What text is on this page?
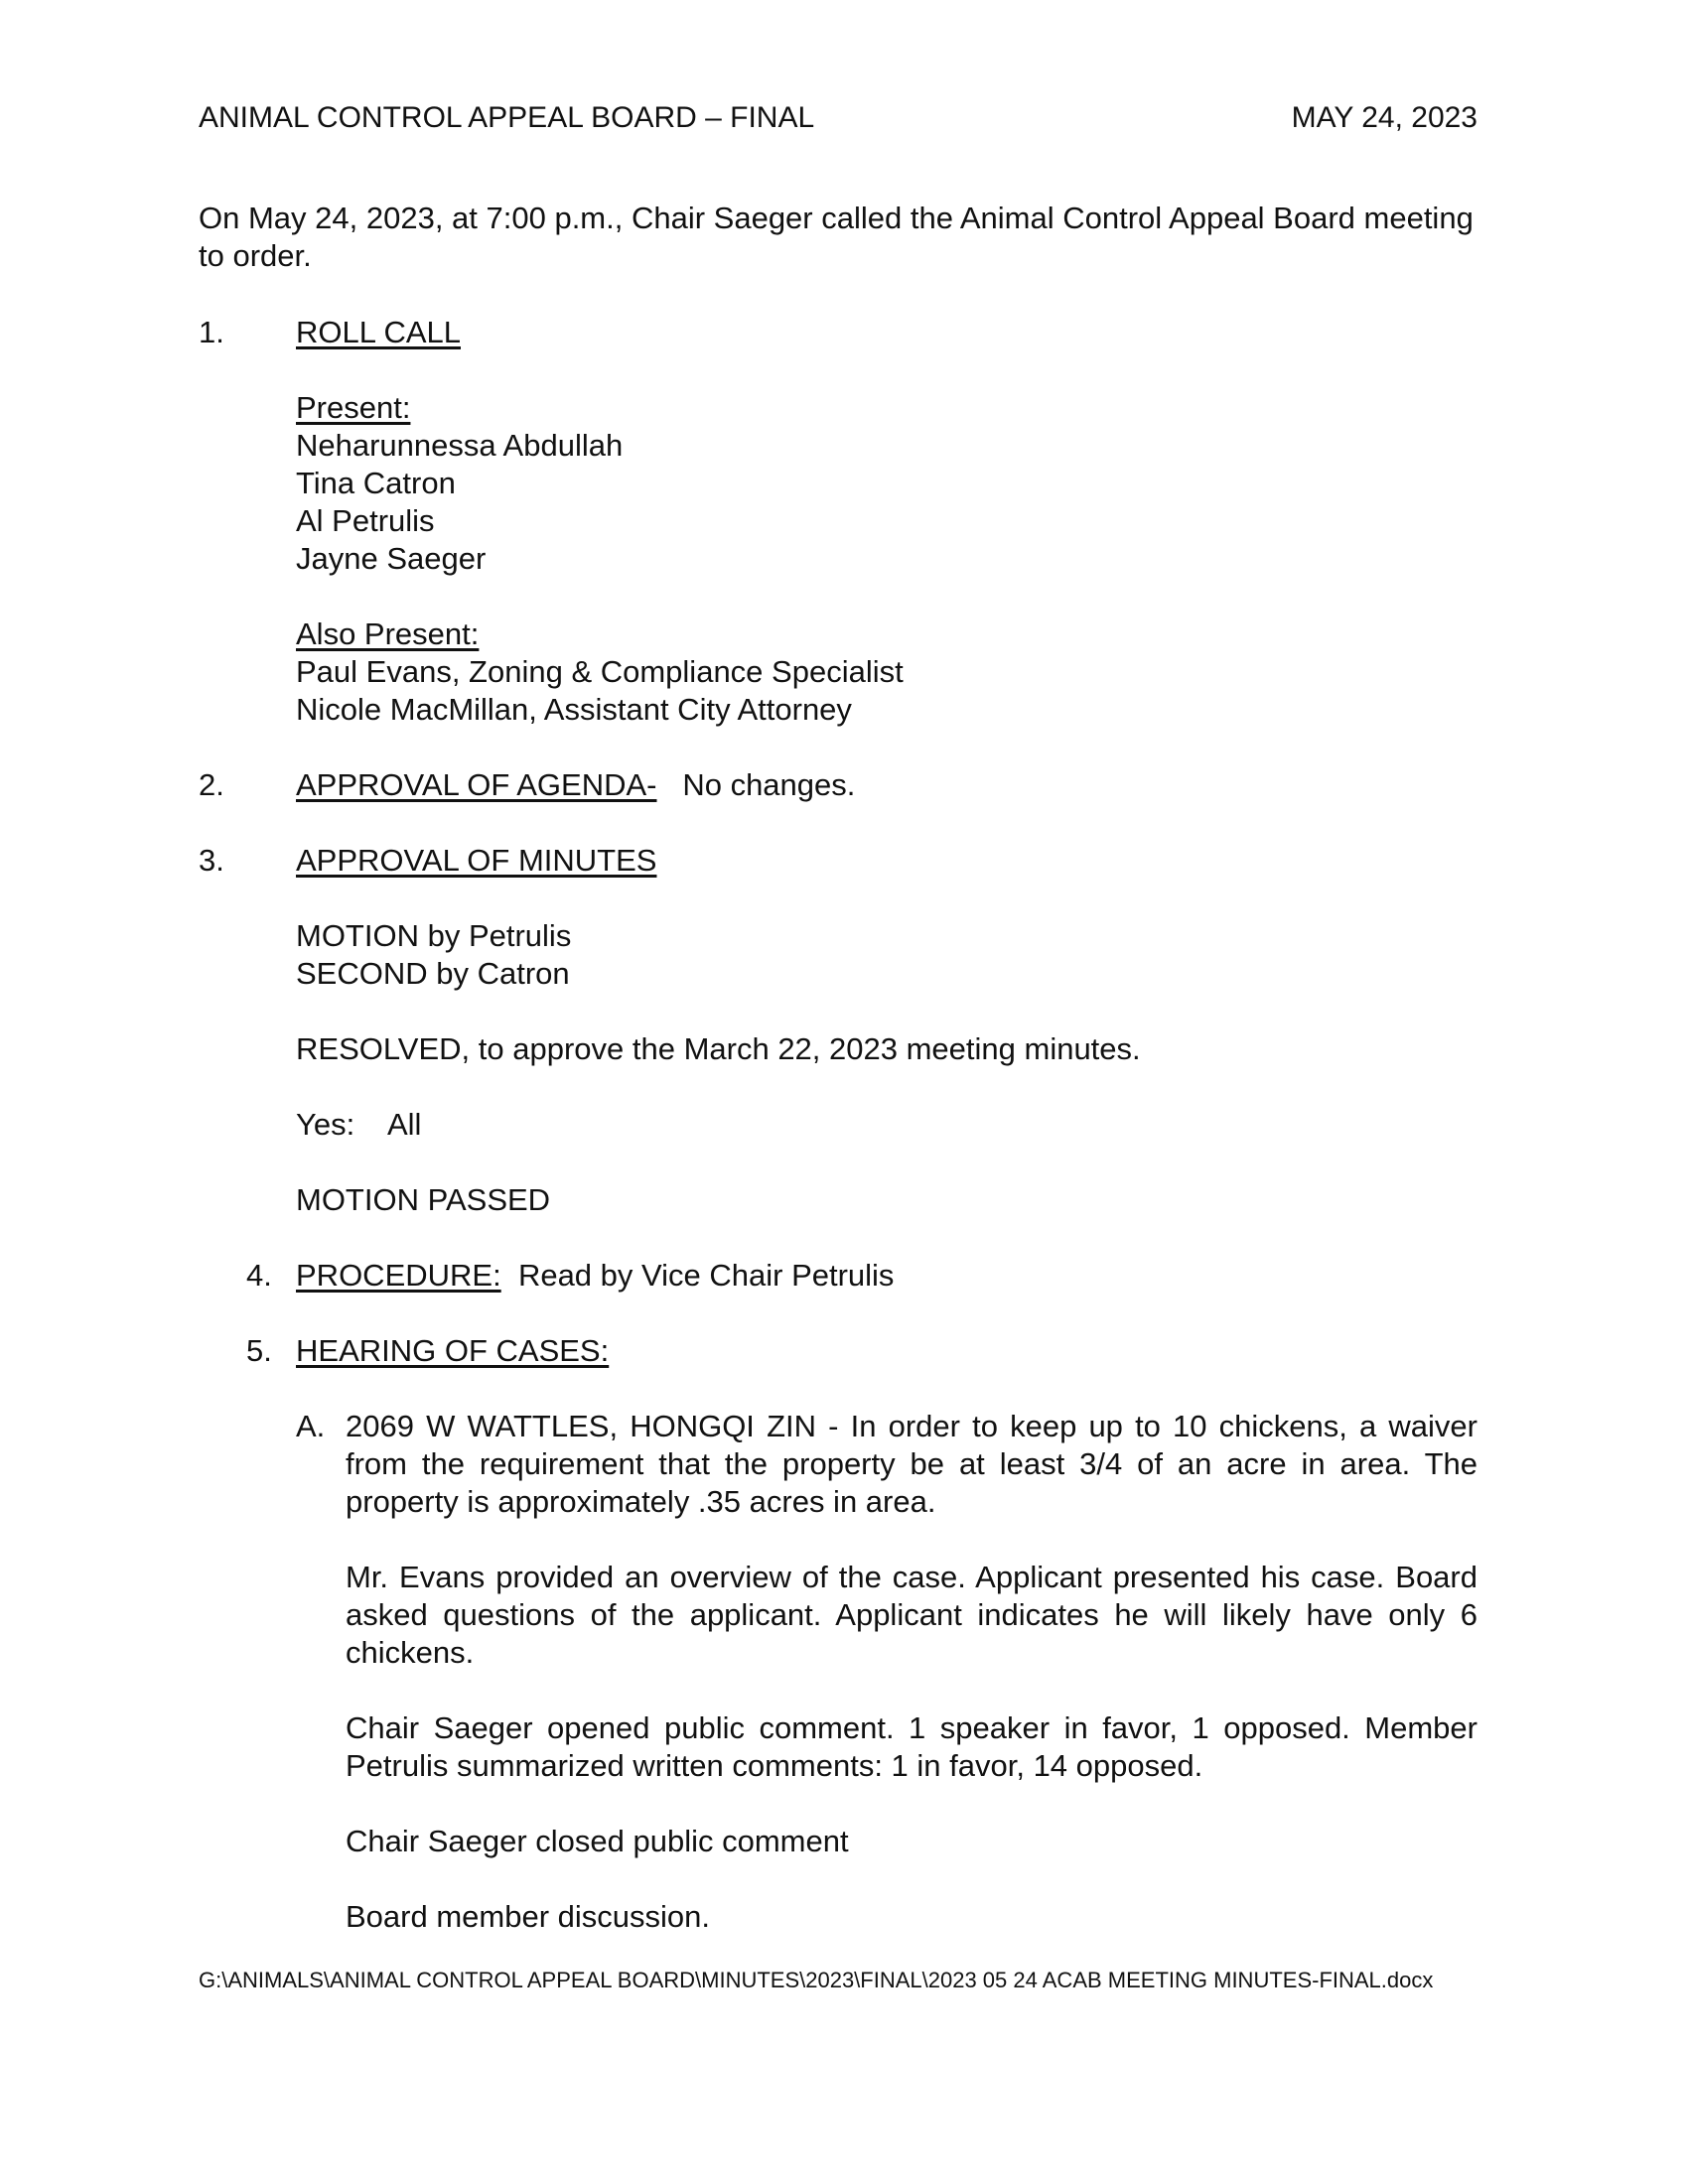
ANIMAL CONTROL APPEAL BOARD – FINAL	MAY 24, 2023
On May 24, 2023, at 7:00 p.m., Chair Saeger called the Animal Control Appeal Board meeting to order.
1. ROLL CALL
Present:
Neharunnessa Abdullah
Tina Catron
Al Petrulis
Jayne Saeger
Also Present:
Paul Evans, Zoning & Compliance Specialist
Nicole MacMillan, Assistant City Attorney
2. APPROVAL OF AGENDA- No changes.
3. APPROVAL OF MINUTES
MOTION by Petrulis
SECOND by Catron
RESOLVED, to approve the March 22, 2023 meeting minutes.
Yes: All
MOTION PASSED
4. PROCEDURE: Read by Vice Chair Petrulis
5. HEARING OF CASES:
A. 2069 W WATTLES, HONGQI ZIN - In order to keep up to 10 chickens, a waiver from the requirement that the property be at least 3/4 of an acre in area. The property is approximately .35 acres in area.
Mr. Evans provided an overview of the case. Applicant presented his case. Board asked questions of the applicant. Applicant indicates he will likely have only 6 chickens.
Chair Saeger opened public comment. 1 speaker in favor, 1 opposed. Member Petrulis summarized written comments: 1 in favor, 14 opposed.
Chair Saeger closed public comment
Board member discussion.
G:\ANIMALS\ANIMAL CONTROL APPEAL BOARD\MINUTES\2023\FINAL\2023 05 24 ACAB MEETING MINUTES-FINAL.docx
